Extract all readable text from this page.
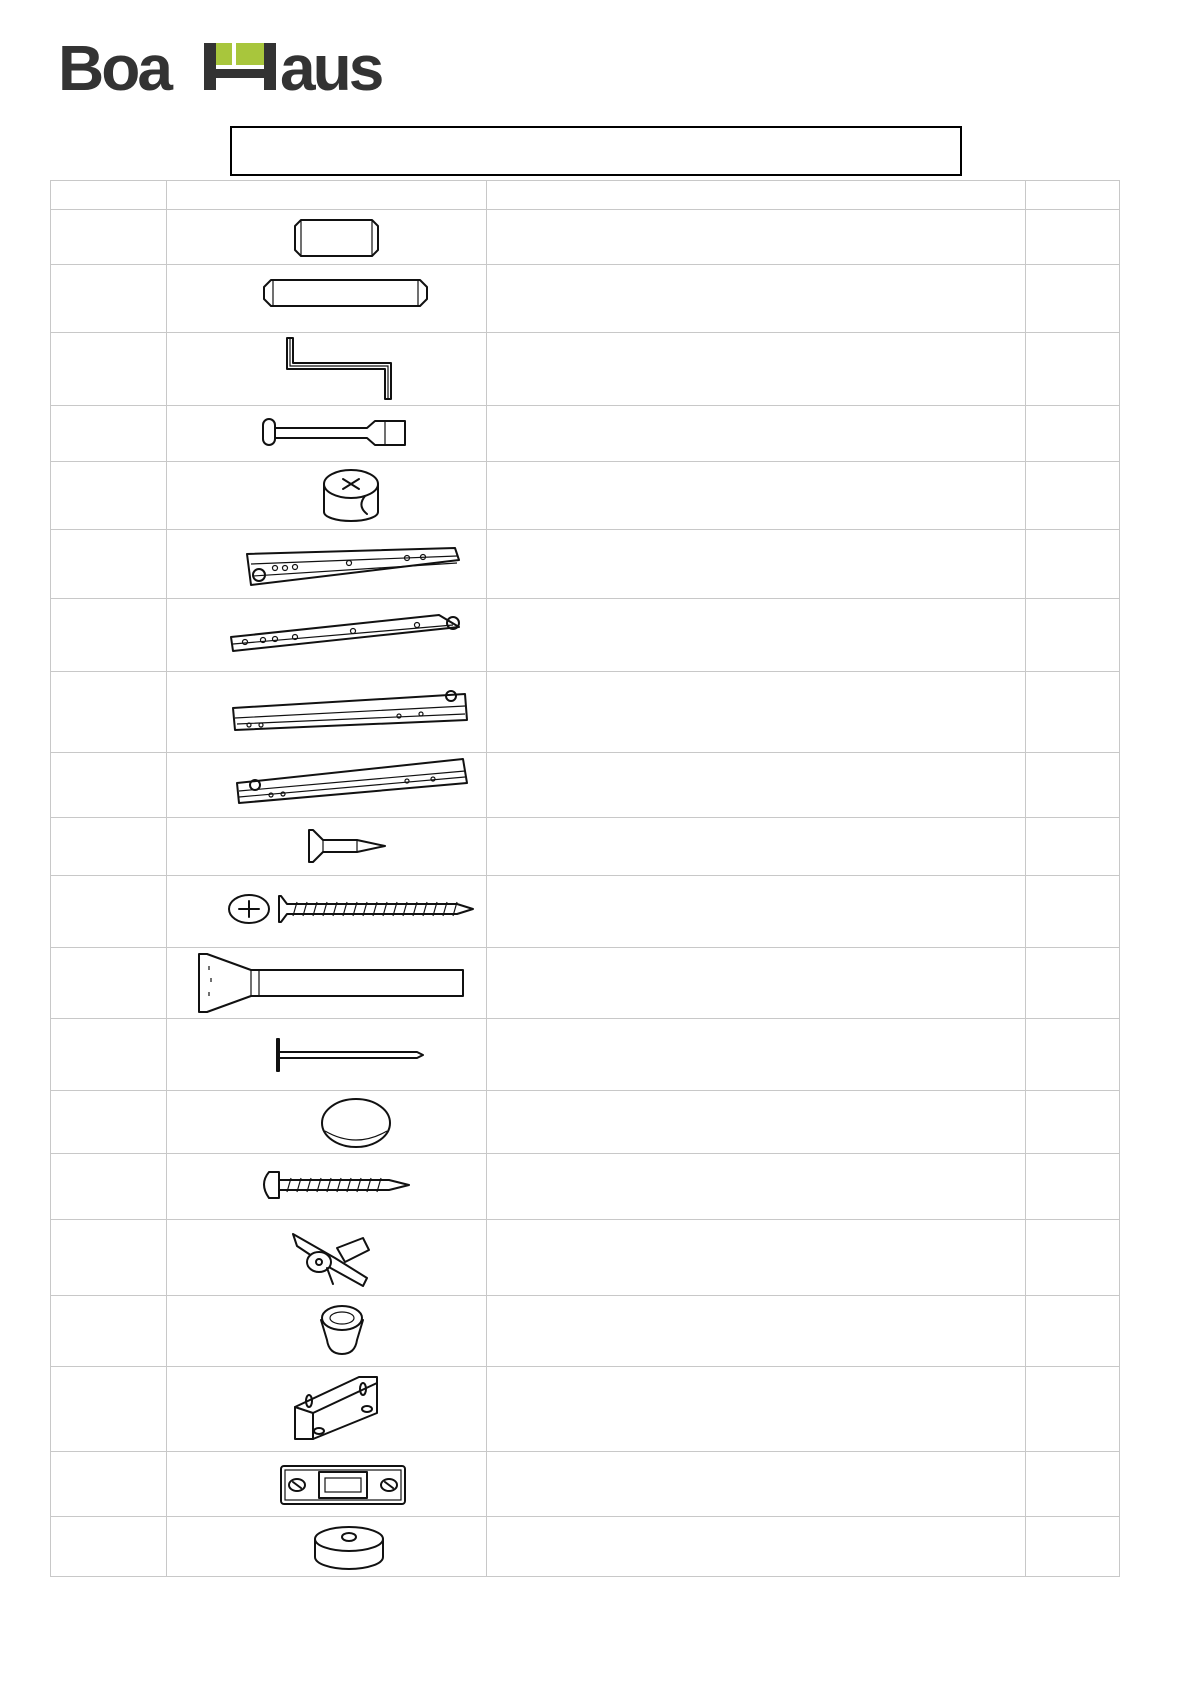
Boa aus
